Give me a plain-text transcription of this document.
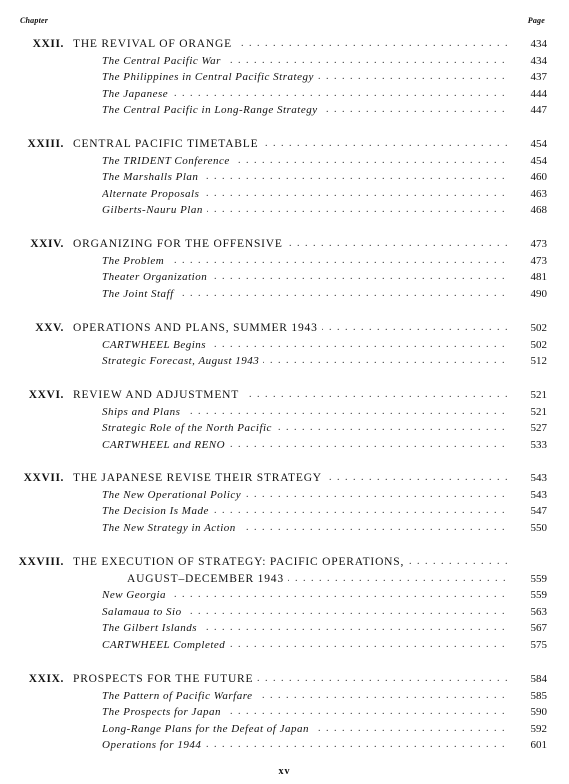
Chapter	Page
XXII. THE REVIVAL OF ORANGE . . .	434
The Central Pacific War . . .	434
The Philippines in Central Pacific Strategy . . .	437
The Japanese . . .	444
The Central Pacific in Long-Range Strategy . . .	447
XXIII. CENTRAL PACIFIC TIMETABLE . . .	454
The TRIDENT Conference . . .	454
The Marshalls Plan . . .	460
Alternate Proposals . . .	463
Gilberts-Nauru Plan . . .	468
XXIV. ORGANIZING FOR THE OFFENSIVE . . .	473
The Problem . . .	473
Theater Organization . . .	481
The Joint Staff . . .	490
XXV. OPERATIONS AND PLANS, SUMMER 1943 . . .	502
CARTWHEEL Begins . . .	502
Strategic Forecast, August 1943 . . .	512
XXVI. REVIEW AND ADJUSTMENT . . .	521
Ships and Plans . . .	521
Strategic Role of the North Pacific . . .	527
CARTWHEEL and RENO . . .	533
XXVII. THE JAPANESE REVISE THEIR STRATEGY . . .	543
The New Operational Policy . . .	543
The Decision Is Made . . .	547
The New Strategy in Action . . .	550
XXVIII. THE EXECUTION OF STRATEGY: PACIFIC OPERATIONS, . . .
AUGUST–DECEMBER 1943 . . .	559
New Georgia . . .	559
Salamaua to Sio . . .	563
The Gilbert Islands . . .	567
CARTWHEEL Completed . . .	575
XXIX. PROSPECTS FOR THE FUTURE . . .	584
The Pattern of Pacific Warfare . . .	585
The Prospects for Japan . . .	590
Long-Range Plans for the Defeat of Japan . . .	592
Operations for 1944 . . .	601
xv
